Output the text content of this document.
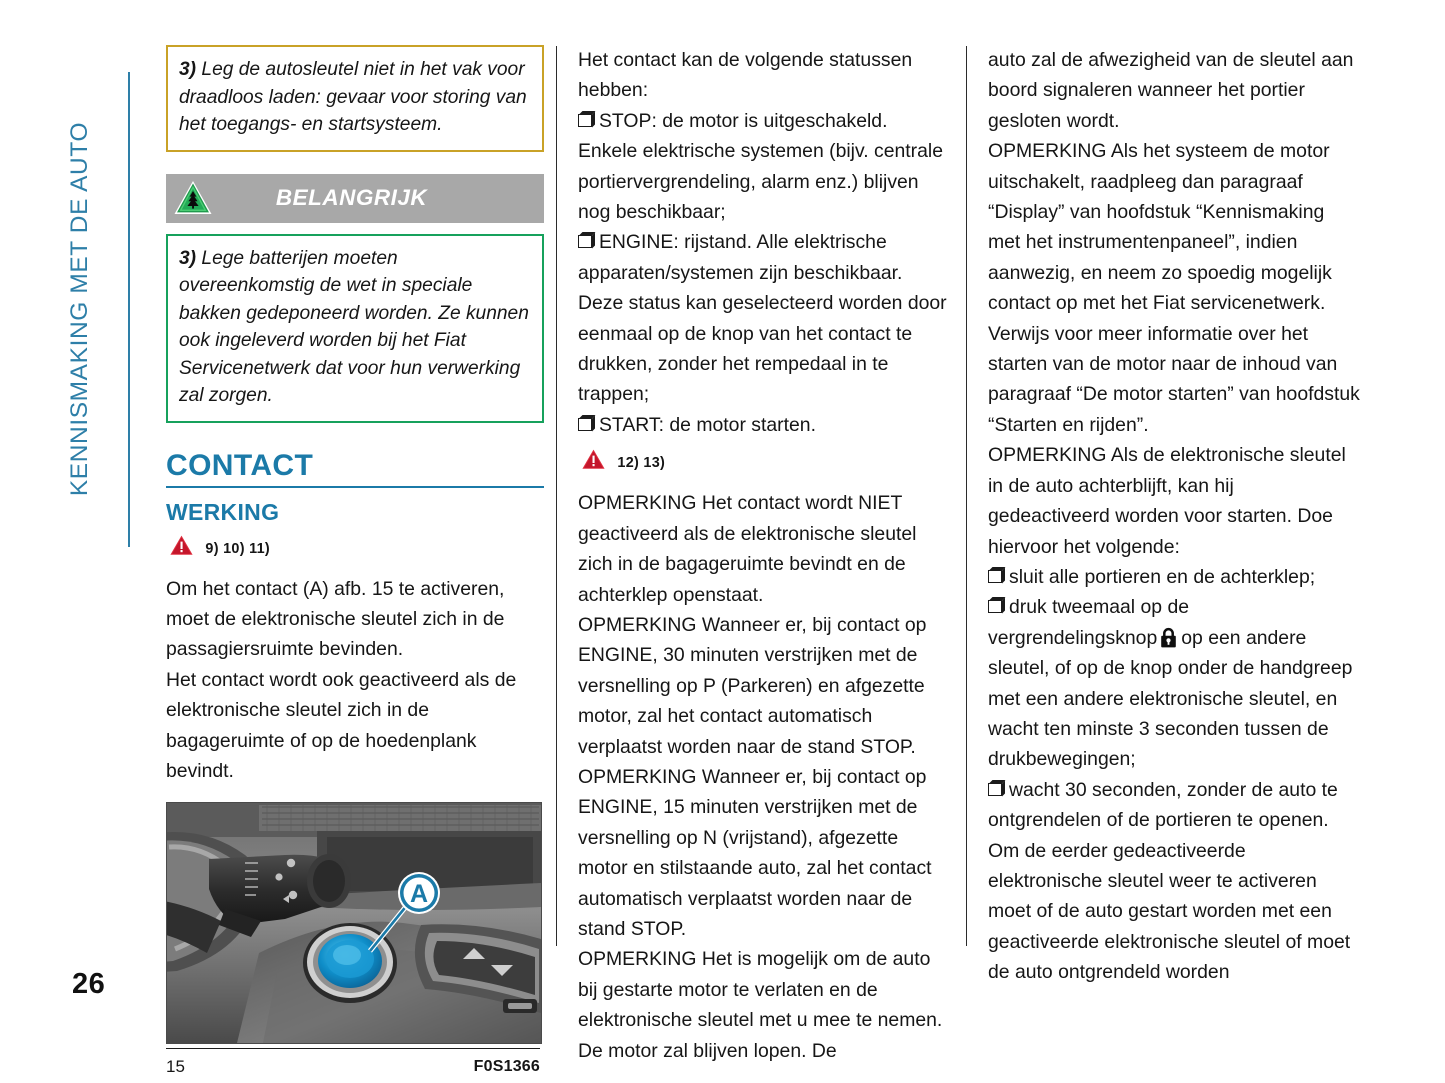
KENNISMAKING MET DE AUTO
3) Leg de autosleutel niet in het vak voor draadloos laden: gevaar voor storing van het toegangs- en startsysteem.
BELANGRIJK
3) Lege batterijen moeten overeenkomstig de wet in speciale bakken gedeponeerd worden. Ze kunnen ook ingeleverd worden bij het Fiat Servicenetwerk dat voor hun verwerking zal zorgen.
CONTACT
WERKING
9) 10) 11)

Om het contact (A) afb. 15 te activeren, moet de elektronische sleutel zich in de passagiersruimte bevinden.

Het contact wordt ook geactiveerd als de elektronische sleutel zich in de bagageruimte of op de hoedenplank bevindt.

A
15	F0S1366

Het contact kan de volgende statussen hebben:

STOP: de motor is uitgeschakeld. Enkele elektrische systemen (bijv. centrale portiervergrendeling, alarm enz.) blijven nog beschikbaar;

ENGINE: rijstand. Alle elektrische apparaten/systemen zijn beschikbaar. Deze status kan geselecteerd worden door eenmaal op de knop van het contact te drukken, zonder het rempedaal in te trappen;

START: de motor starten.

12) 13)

OPMERKING Het contact wordt NIET geactiveerd als de elektronische sleutel zich in de bagageruimte bevindt en de achterklep openstaat.

OPMERKING Wanneer er, bij contact op ENGINE, 30 minuten verstrijken met de versnelling op P (Parkeren) en afgezette motor, zal het contact automatisch verplaatst worden naar de stand STOP.

OPMERKING Wanneer er, bij contact op ENGINE, 15 minuten verstrijken met de versnelling op N (vrijstand), afgezette motor en stilstaande auto, zal het contact automatisch verplaatst worden naar de stand STOP.

OPMERKING Het is mogelijk om de auto bij gestarte motor te verlaten en de elektronische sleutel met u mee te nemen. De motor zal blijven lopen. De

auto zal de afwezigheid van de sleutel aan boord signaleren wanneer het portier gesloten wordt.

OPMERKING Als het systeem de motor uitschakelt, raadpleeg dan paragraaf “Display” van hoofdstuk “Kennismaking met het instrumentenpaneel”, indien aanwezig, en neem zo spoedig mogelijk contact op met het Fiat servicenetwerk. Verwijs voor meer informatie over het starten van de motor naar de inhoud van paragraaf “De motor starten” van hoofdstuk “Starten en rijden”.

OPMERKING Als de elektronische sleutel in de auto achterblijft, kan hij gedeactiveerd worden voor starten. Doe hiervoor het volgende:

sluit alle portieren en de achterklep;

druk tweemaal op de vergrendelingsknop op een andere sleutel, of op de knop onder de handgreep met een andere elektronische sleutel, en wacht ten minste 3 seconden tussen de drukbewegingen;

wacht 30 seconden, zonder de auto te ontgrendelen of de portieren te openen.

Om de eerder gedeactiveerde elektronische sleutel weer te activeren moet of de auto gestart worden met een geactiveerde elektronische sleutel of moet de auto ontgrendeld worden

26
